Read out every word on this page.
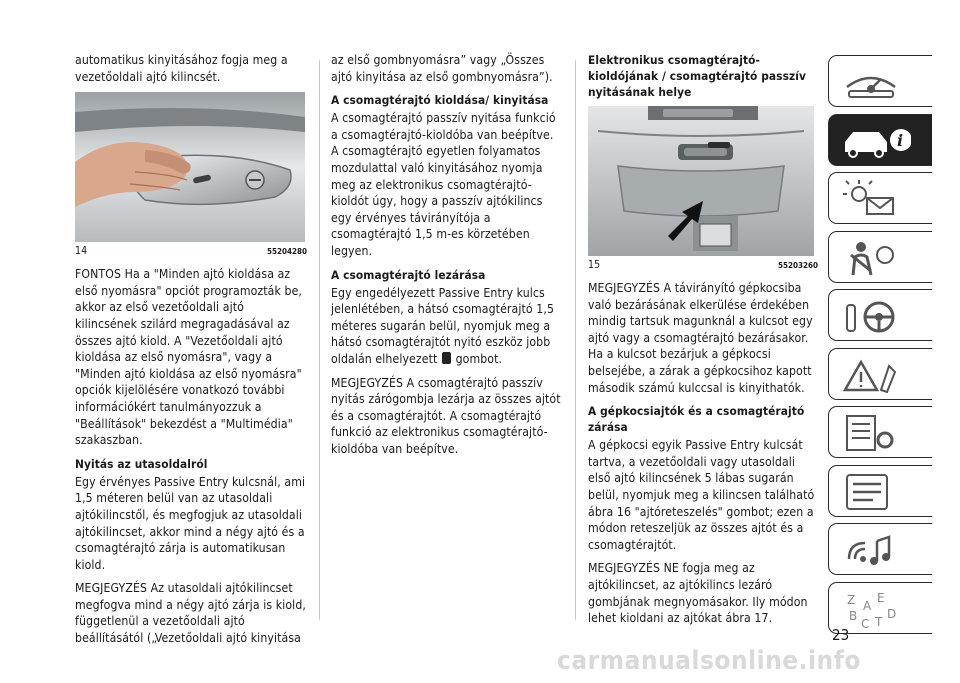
automatikus kinyitásához fogja meg a vezetőoldali ajtó kilincsét.

14	55204280

FONTOS Ha a "Minden ajtó kioldása az első nyomásra" opciót programozták be, akkor az első vezetőoldali ajtó kilincsének szilárd megragadásával az összes ajtó kiold. A "Vezetőoldali ajtó kioldása az első nyomásra", vagy a "Minden ajtó kioldása az első nyomásra" opciók kijelölésére vonatkozó további információkért tanulmányozzuk a "Beállítások" bekezdést a "Multimédia" szakaszban.

Nyitás az utasoldalról

Egy érvényes Passive Entry kulcsnál, ami 1,5 méteren belül van az utasoldali ajtókilincstől, és megfogjuk az utasoldali ajtókilincset, akkor mind a négy ajtó és a csomagtérajtó zárja is automatikusan kiold.

MEGJEGYZÉS Az utasoldali ajtókilincset megfogva mind a négy ajtó zárja is kiold, függetlenül a vezetőoldali ajtó beállításától („Vezetőoldali ajtó kinyitása

az első gombnyomásra” vagy „Összes ajtó kinyitása az első gombnyomásra”).

A csomagtérajtó kioldása/ kinyitása

A csomagtérajtó passzív nyitása funkció a csomagtérajtó-kioldóba van beépítve. A csomagtérajtó egyetlen folyamatos mozdulattal való kinyitásához nyomja meg az elektronikus csomagtérajtó-kioldót úgy, hogy a passzív ajtókilincs egy érvényes távirányítója a csomagtérajtó 1,5 m-es körzetében legyen.

A csomagtérajtó lezárása

Egy engedélyezett Passive Entry kulcs jelenlétében, a hátsó csomagtérajtó 1,5 méteres sugarán belül, nyomjuk meg a hátsó csomagtérajtót nyitó eszköz jobb oldalán elhelyezett gombot.

MEGJEGYZÉS A csomagtérajtó passzív nyitás zárógombja lezárja az összes ajtót és a csomagtérajtót. A csomagtérajtó funkció az elektronikus csomagtérajtó-kioldóba van beépítve.

Elektronikus csomagtérajtó-kioldójának / csomagtérajtó passzív nyitásának helye
15	55203260

MEGJEGYZÉS A távirányító gépkocsiba való bezárásának elkerülése érdekében mindig tartsuk magunknál a kulcsot egy ajtó vagy a csomagtérajtó bezárásakor. Ha a kulcsot bezárjuk a gépkocsi belsejébe, a zárak a gépkocsihoz kapott második számú kulccsal is kinyithatók.

A gépkocsiajtók és a csomagtérajtó zárása

A gépkocsi egyik Passive Entry kulcsát tartva, a vezetőoldali vagy utasoldali első ajtó kilincsének 5 lábas sugarán belül, nyomjuk meg a kilincsen található ábra 16 "ajtóreteszelés" gombot; ezen a módon reteszeljük az összes ajtót és a csomagtérajtót.

MEGJEGYZÉS NE fogja meg az ajtókilincset, az ajtókilincs lezáró gombjának megnyomásakor. Ily módon lehet kioldani az ajtókat ábra 17.

i
Z E
A
B
C T
D
23
carmanualsonline.info
